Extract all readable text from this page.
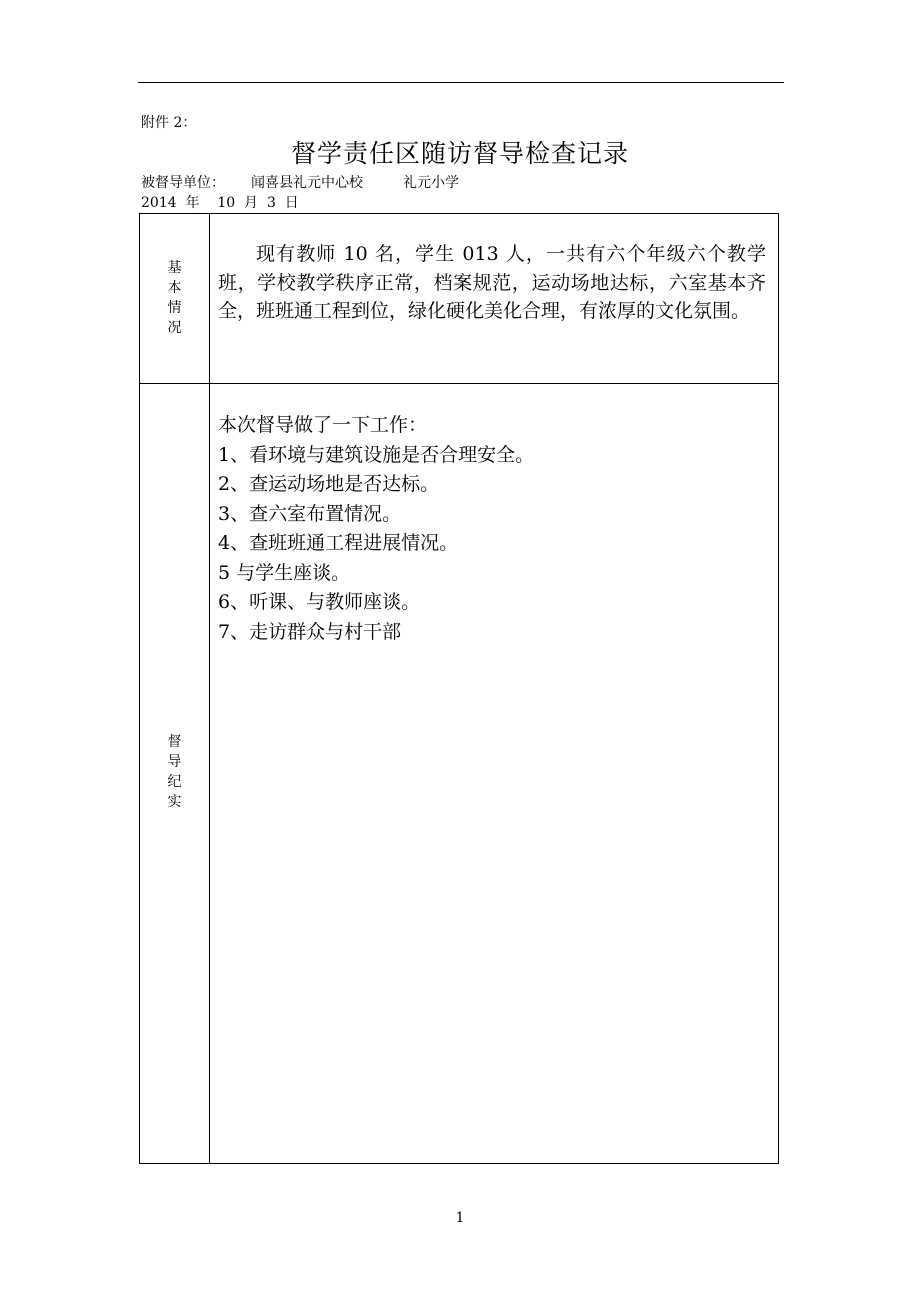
附件 2：
督学责任区随访督导检查记录
被督导单位： 闻喜县礼元中心校	礼元小学
2014  年    10  月  3  日
基
本
情
况
现有教师 10 名，学生 013 人，一共有六个年级六个教学班，学校教学秩序正常，档案规范，运动场地达标，六室基本齐全，班班通工程到位，绿化硬化美化合理，有浓厚的文化氛围。
督
导
纪
实
本次督导做了一下工作：
1、看环境与建筑设施是否合理安全。
2、查运动场地是否达标。
3、查六室布置情况。
4、查班班通工程进展情况。
5 与学生座谈。
6、听课、与教师座谈。
7、走访群众与村干部
1
